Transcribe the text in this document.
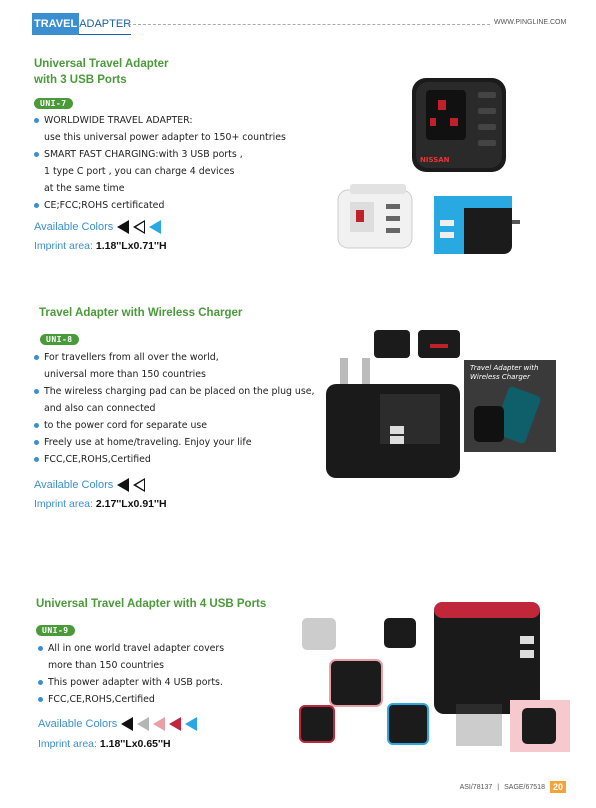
TRAVEL ADAPTER	WWW.PINGLINE.COM
Universal Travel Adapter
with 3 USB Ports
UNI-7
WORLDWIDE TRAVEL ADAPTER:
use this universal power adapter to 150+ countries
SMART FAST CHARGING:with 3 USB ports ,
1 type C port , you can charge 4 devices
at the same time
CE;FCC;ROHS certificated
Available Colors
Imprint area: 1.18''Lx0.71''H
NISSAN
Travel Adapter with Wireless Charger
UNI-8
For travellers from all over the world,
universal more than 150 countries
The wireless charging pad can be placed on the plug use,
and also can connected
to the power cord for separate use
Freely use at home/traveling. Enjoy your life
FCC,CE,ROHS,Certified
Available Colors
Imprint area: 2.17''Lx0.91''H
Travel Adapter with
Wireless Charger
Universal Travel Adapter with 4 USB Ports
UNI-9
All in one world travel adapter covers
more than 150 countries
This power adapter with 4 USB ports.
FCC,CE,ROHS,Certified
Available Colors
Imprint area: 1.18''Lx0.65''H
ASI/78137 | SAGE/67518 20
